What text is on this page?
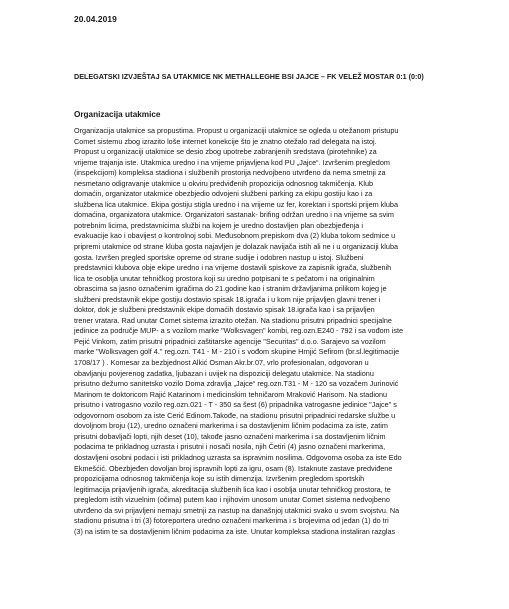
20.04.2019
DELEGATSKI IZVJEŠTAJ SA UTAKMICE NK METHALLEGHE BSI JAJCE – FK VELEŽ MOSTAR 0:1 (0:0)
Organizacija utakmice
Organizacija utakmice sa propustima. Propust u organizaciji utakmice se ogleda u otežanom pristupu
Comet sistemu zbog izrazito loše internet konekcije što je znatno otežalo rad delegata na istoj.
Propust u organizaciji utakmice se desio zbog upotrebe zabranjenih sredstava (pirotehnike) za
vrijeme trajanja iste. Utakmica uredno i na vrijeme prijavljena kod PU „Jajce“. Izvršenim pregledom
(inspekcijom) kompleksa stadiona i službenih prostorija nedvojbeno utvrđeno da nema smetnji za
nesmetano odigravanje utakmice u okviru predviđenih propozicija odnosnog takmičenja. Klub
domaćin, organizator utakmice obezbjedio odvojeni službeni parking za ekipu gostiju kao i za
službena lica utakmice. Ekipa gostiju stigla uredno i na vrijeme uz fer, korektan i sportski prijem kluba
domaćina, organizatora utakmice. Organizatori sastanak- brifing održan uredno i na vrijeme sa svim
potrebnim licima, predstavnicima službi na kojem je uredno dostavljen plan obezbjeđenja i
evakuacije kao i obavijest o kontrolnoj sobi. Međusobnom prepiskom dva (2) kluba tokom sedmice u
pripremi utakmice od strane kluba gosta najavljen je dolazak navijača istih ali ne i u organizaciji kluba
gosta. Izvršen pregled sportske opreme od strane sudije i odobren nastup u istoj. Službeni
predstavnici klubova obje ekipe uredno i na vrijeme dostavili spiskove za zapisnik igrača, službenih
lica te osoblja unutar tehničkog prostora koji su uredno potpisani te s pečatom i na originalnim
obrascima sa jasno označenim igračima do 21.godine kao i stranim državljanima prilikom kojeg je
službeni predstavnik ekipe gostiju dostavio spisak 18.igrača i u kom nije prijavljen glavni trener i
doktor, dok je službeni predstavnik ekipe domaćih dostavio spisak 18.igrača kao i sa prijavljen
trener vratara. Rad unutar Comet sistema izrazito otežan. Na stadionu prisutni pripadnici specijalne
jedinice za područje MUP- a s vozilom marke "Wolksvagen" kombi, reg.ozn.E240 - 792 i sa vođom iste
Pejić Vinkom, zatim prisutni pripadnici zaštitarske agencije "Securitas" d.o.o. Sarajevo sa vozilom
marke "Wolksvagen golf 4." reg.ozn. T41 - M - 210 i s vođom skupine Hrnjić Sefirom (br.sl.legitimacije
1708/17 ) . Komesar za bezbjednost Alkić Osman Akr.br.07, vrlo profesionalan, odgovoran u
obavljanju povjerenog zadatka, ljubazan i uvijek na dispoziciji delegatu utakmice. Na stadionu
prisutno dežurno sanitetsko vozilo Doma zdravlja „Jajce“ reg.ozn.T31 - M - 120 sa vozačem Jurinović
Marinom te doktoricom Rajić Katarinom i medicinskim tehničarom Mraković Harisom. Na stadionu
prisutno i vatrogasno vozilo reg.ozn.021 - T - 350 sa šest (6) pripadnika vatrogasne jedinice "Jajce" s
odgovornom osobom za iste Cerić Edinom.Takođe, na stadionu prisutni pripadnici redarske službe u
dovoljnom broju (12), uredno označeni markerima i sa dostavljenim ličnim podacima za iste, zatim
prisutni dobavljači lopti, njih deset (10), takođe jasno označeni markerima i sa dostavljenim ličnim
podacima te prikladnog uzrasta i prisutni i nosači nosila, njih Četiri (4) jasno označeni markerima,
dostavljeni osobni podaci i isti prikladnog uzrasta sa ispravnim nosilima. Odgovorna osoba za iste Edo
Ekmešćić. Obezbjeđen dovoljan broj ispravnih lopti za igru, osam (8). Istaknute zastave predviđene
propozicijama odnosnog takmičenja koje su istih dimenzija. Izvršenim pregledom sportskih
legitimacija prijavljenih igrača, akreditacija službenih lica kao i osoblja unutar tehničkog prostora, te
pregledom istih vizuelnim (očima) putem kao i njihovim unosom unutar Comet sistema nedvojbeno
utvrđeno da svi prijavljeni nemaju smetnji za nastup na današnjoj utakmici svako u svom svojstvu. Na
stadionu prisutna i tri (3) fotoreportera uredno označeni markerima i s brojevima od jedan (1) do tri
(3) na istim te sa dostavljenim ličnim podacima za iste. Unutar kompleksa stadiona instaliran razglas
